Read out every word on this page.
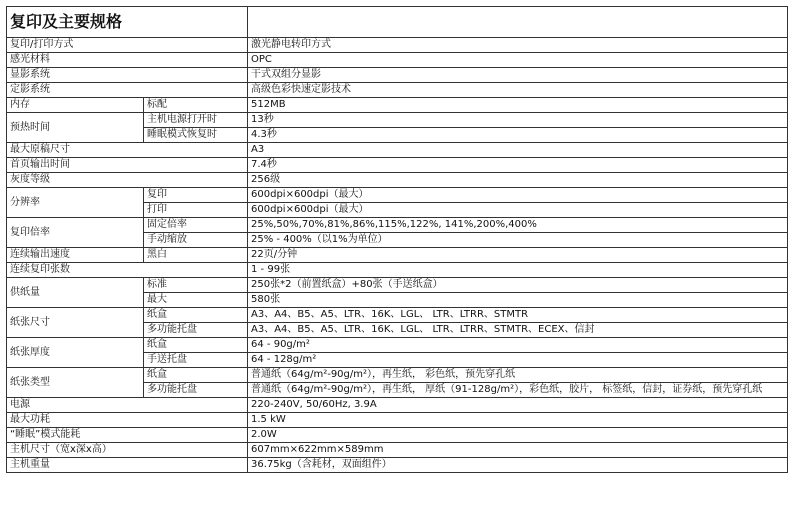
复印及主要规格		
复印/打印方式		激光静电转印方式
感光材料		OPC
显影系统		干式双组分显影
定影系统		高级色彩快速定影技术
内存	标配	512MB
预热时间	主机电源打开时	13秒
	睡眠模式恢复时	4.3秒
最大原稿尺寸		A3
首页输出时间		7.4秒
灰度等级		256级
分辨率	复印	600dpi×600dpi（最大）
	打印	600dpi×600dpi（最大）
复印倍率	固定倍率	25%,50%,70%,81%,86%,115%,122%, 141%,200%,400%
	手动缩放	25% - 400%（以1%为单位）
连续输出速度	黑白	22页/分钟
连续复印张数		1 - 99张
供纸量	标准	250张*2（前置纸盒）+80张（手送纸盒）
	最大	580张
纸张尺寸	纸盒	A3、A4、B5、A5、LTR、16K、LGL、 LTR、LTRR、STMTR
	多功能托盘	A3、A4、B5、A5、LTR、16K、LGL、 LTR、LTRR、STMTR、ECEX、信封
纸张厚度	纸盒	64 - 90g/m²
	手送托盘	64 - 128g/m²
纸张类型	纸盒	普通纸（64g/m²-90g/m²），再生纸， 彩色纸，预先穿孔纸
	多功能托盘	普通纸（64g/m²-90g/m²），再生纸， 厚纸（91-128g/m²），彩色纸，胶片， 标签纸，信封，证券纸，预先穿孔纸
电源		220-240V, 50/60Hz, 3.9A
最大功耗		1.5 kW
“睡眠”模式能耗		2.0W
主机尺寸（宽x深x高）		607mm×622mm×589mm
主机重量		36.75kg（含耗材，双面组件）
